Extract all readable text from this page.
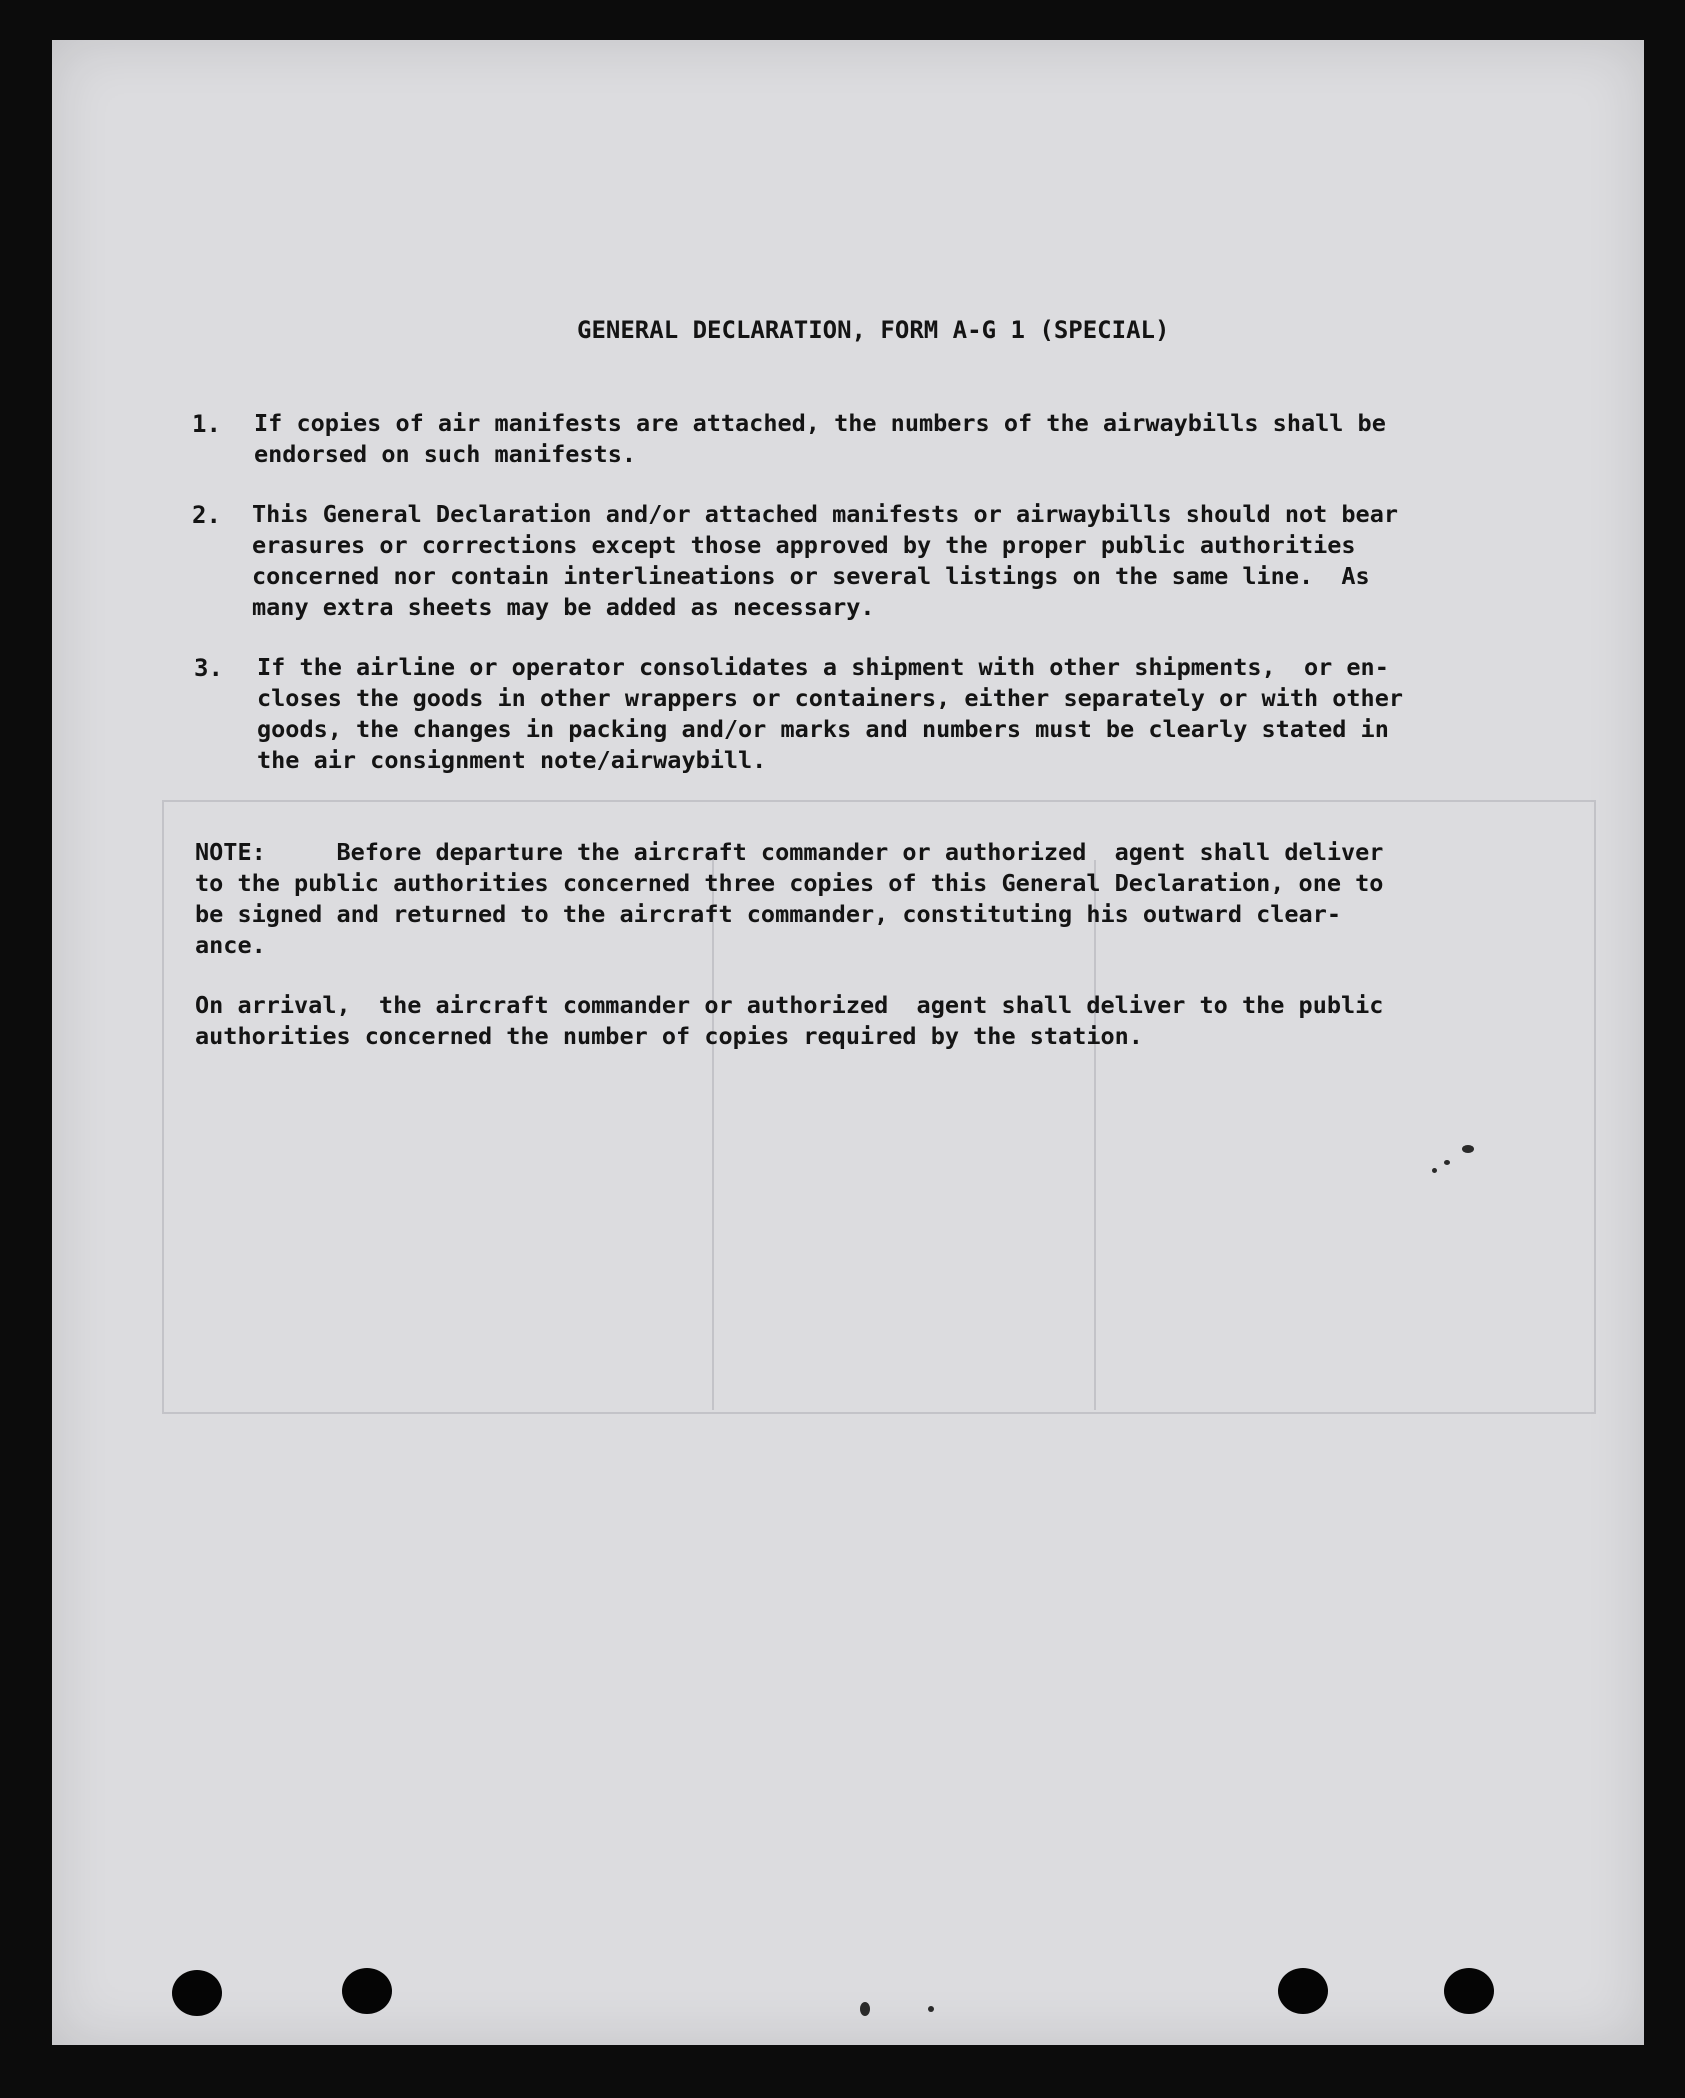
GENERAL DECLARATION, FORM A-G 1 (SPECIAL)
1. If copies of air manifests are attached, the numbers of the airwaybills shall be
endorsed on such manifests.
2. This General Declaration and/or attached manifests or airwaybills should not bear
erasures or corrections except those approved by the proper public authorities
concerned nor contain interlineations or several listings on the same line.  As
many extra sheets may be added as necessary.
3. If the airline or operator consolidates a shipment with other shipments,  or en-
closes the goods in other wrappers or containers, either separately or with other
goods, the changes in packing and/or marks and numbers must be clearly stated in
the air consignment note/airwaybill.
NOTE:     Before departure the aircraft commander or authorized  agent shall deliver
to the public authorities concerned three copies of this General Declaration, one to
be signed and returned to the aircraft commander, constituting his outward clear-
ance.
On arrival,  the aircraft commander or authorized  agent shall deliver to the public
authorities concerned the number of copies required by the station.
